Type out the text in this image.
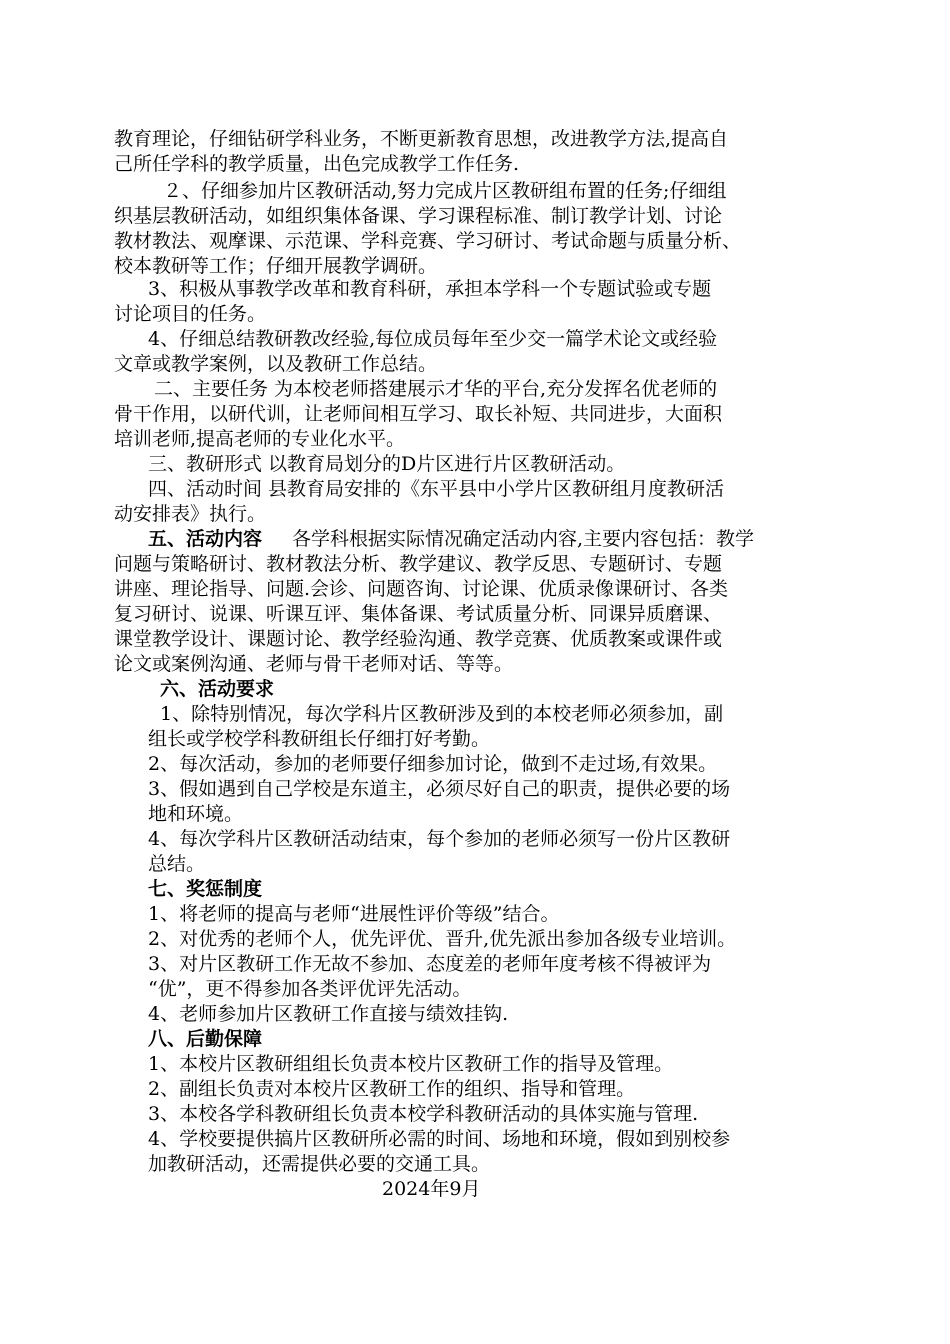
教育理论，仔细钻研学科业务，不断更新教育思想，改进教学方法,提高自
己所任学科的教学质量，出色完成教学工作任务.
２、仔细参加片区教研活动,努力完成片区教研组布置的任务;仔细组
织基层教研活动，如组织集体备课、学习课程标准、制订教学计划、讨论
教材教法、观摩课、示范课、学科竞赛、学习研讨、考试命题与质量分析、
校本教研等工作；仔细开展教学调研。
3、积极从事教学改革和教育科研，承担本学科一个专题试验或专题
讨论项目的任务。
4、仔细总结教研教改经验,每位成员每年至少交一篇学术论文或经验
文章或教学案例，以及教研工作总结。
二、主要任务 为本校老师搭建展示才华的平台,充分发挥名优老师的
骨干作用，以研代训，让老师间相互学习、取长补短、共同进步，大面积
培训老师,提高老师的专业化水平。
三、教研形式 以教育局划分的D片区进行片区教研活动。
四、活动时间 县教育局安排的《东平县中小学片区教研组月度教研活
动安排表》执行。
五、活动内容 各学科根据实际情况确定活动内容,主要内容包括：教学
问题与策略研讨、教材教法分析、教学建议、教学反思、专题研讨、专题
讲座、理论指导、问题.会诊、问题咨询、讨论课、优质录像课研讨、各类
复习研讨、说课、听课互评、集体备课、考试质量分析、同课异质磨课、
课堂教学设计、课题讨论、教学经验沟通、教学竞赛、优质教案或课件或
论文或案例沟通、老师与骨干老师对话、等等。
六、活动要求
1、除特别情况，每次学科片区教研涉及到的本校老师必须参加，副
组长或学校学科教研组长仔细打好考勤。
2、每次活动，参加的老师要仔细参加讨论，做到不走过场,有效果。
3、假如遇到自己学校是东道主，必须尽好自己的职责，提供必要的场
地和环境。
4、每次学科片区教研活动结束，每个参加的老师必须写一份片区教研
总结。
七、奖惩制度
1、将老师的提高与老师“进展性评价等级”结合。
2、对优秀的老师个人，优先评优、晋升,优先派出参加各级专业培训。
3、对片区教研工作无故不参加、态度差的老师年度考核不得被评为
“优”，更不得参加各类评优评先活动。
4、老师参加片区教研工作直接与绩效挂钩.
八、后勤保障
1、本校片区教研组组长负责本校片区教研工作的指导及管理。
2、副组长负责对本校片区教研工作的组织、指导和管理。
3、本校各学科教研组长负责本校学科教研活动的具体实施与管理.
4、学校要提供搞片区教研所必需的时间、场地和环境，假如到别校参
加教研活动，还需提供必要的交通工具。
2024年9月
